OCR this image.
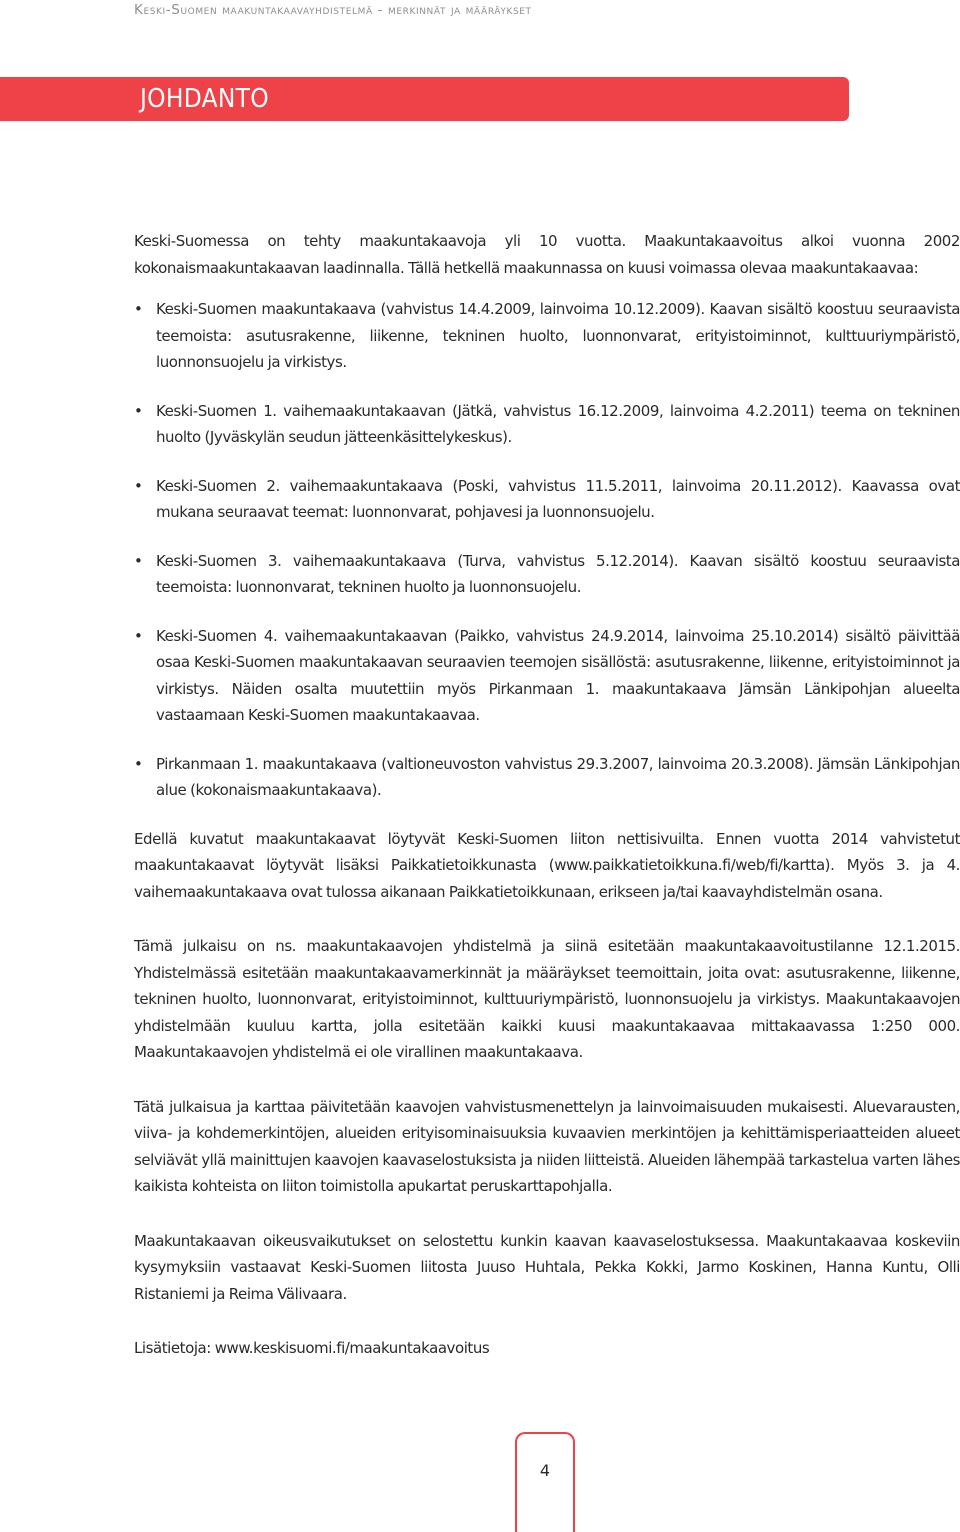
Keski-Suomen maakuntakaavayhdistelmä - merkinnät ja määräykset
JOHDANTO

Keski-Suomessa on tehty maakuntakaavoja yli 10 vuotta. Maakuntakaavoitus alkoi vuonna 2002 kokonaismaakuntakaavan laadinnalla. Tällä hetkellä maakunnassa on kuusi voimassa olevaa maakuntakaavaa:

•

Keski-Suomen maakuntakaava (vahvistus 14.4.2009, lainvoima 10.12.2009). Kaavan sisältö koostuu seuraavista teemoista: asutusrakenne, liikenne, tekninen huolto, luonnonvarat, erityistoiminnot, kulttuuriympäristö, luonnonsuojelu ja virkistys.

•

Keski-Suomen 1. vaihemaakuntakaavan (Jätkä, vahvistus 16.12.2009, lainvoima 4.2.2011) teema on tekninen huolto (Jyväskylän seudun jätteenkäsittelykeskus).

•

Keski-Suomen 2. vaihemaakuntakaava (Poski, vahvistus 11.5.2011, lainvoima 20.11.2012). Kaavassa ovat mukana seuraavat teemat: luonnonvarat, pohjavesi ja luonnonsuojelu.

•

Keski-Suomen 3. vaihemaakuntakaava (Turva, vahvistus 5.12.2014). Kaavan sisältö koostuu seuraavista teemoista: luonnonvarat, tekninen huolto ja luonnonsuojelu.

•

Keski-Suomen 4. vaihemaakuntakaavan (Paikko, vahvistus 24.9.2014, lainvoima 25.10.2014) sisältö päivittää osaa Keski-Suomen maakuntakaavan seuraavien teemojen sisällöstä: asutusrakenne, liikenne, erityistoiminnot ja virkistys. Näiden osalta muutettiin myös Pirkanmaan 1. maakuntakaava Jämsän Länkipohjan alueelta vastaamaan Keski-Suomen maakuntakaavaa.

•

Pirkanmaan 1. maakuntakaava (valtioneuvoston vahvistus 29.3.2007, lainvoima 20.3.2008). Jämsän Länkipohjan alue (kokonaismaakuntakaava).

Edellä kuvatut maakuntakaavat löytyvät Keski-Suomen liiton nettisivuilta. Ennen vuotta 2014 vahvistetut maakuntakaavat löytyvät lisäksi Paikkatietoikkunasta (www.paikkatietoikkuna.fi/web/fi/kartta). Myös 3. ja 4. vaihemaakuntakaava ovat tulossa aikanaan Paikkatietoikkunaan, erikseen ja/tai kaavayhdistelmän osana.

Tämä julkaisu on ns. maakuntakaavojen yhdistelmä ja siinä esitetään maakuntakaavoitustilanne 12.1.2015. Yhdistelmässä esitetään maakuntakaavamerkinnät ja määräykset teemoittain, joita ovat: asutusrakenne, liikenne, tekninen huolto, luonnonvarat, erityistoiminnot, kulttuuriympäristö, luonnonsuojelu ja virkistys. Maakuntakaavojen yhdistelmään kuuluu kartta, jolla esitetään kaikki kuusi maakuntakaavaa mittakaavassa 1:250 000. Maakuntakaavojen yhdistelmä ei ole virallinen maakuntakaava.

Tätä julkaisua ja karttaa päivitetään kaavojen vahvistusmenettelyn ja lainvoimaisuuden mukaisesti. Aluevarausten, viiva- ja kohdemerkintöjen, alueiden erityisominaisuuksia kuvaavien merkintöjen ja kehittämisperiaatteiden alueet selviävät yllä mainittujen kaavojen kaavaselostuksista ja niiden liitteistä. Alueiden lähempää tarkastelua varten lähes kaikista kohteista on liiton toimistolla apukartat peruskarttapohjalla.

Maakuntakaavan oikeusvaikutukset on selostettu kunkin kaavan kaavaselostuksessa. Maakuntakaavaa koskeviin kysymyksiin vastaavat Keski-Suomen liitosta Juuso Huhtala, Pekka Kokki, Jarmo Koskinen, Hanna Kuntu, Olli Ristaniemi ja Reima Välivaara.

Lisätietoja: www.keskisuomi.fi/maakuntakaavoitus

4
